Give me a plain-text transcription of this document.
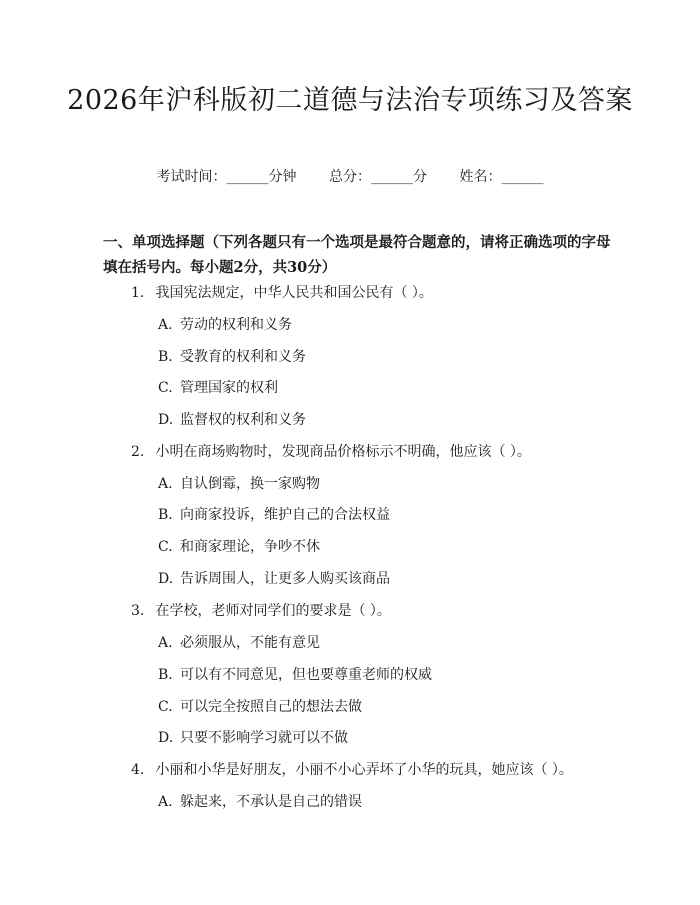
2026年沪科版初二道德与法治专项练习及答案
考试时间：______分钟 总分：______分 姓名：______
一、单项选择题（下列各题只有一个选项是最符合题意的，请将正确选项的字母填在括号内。每小题2分，共30分）
1. 我国宪法规定，中华人民共和国公民有（ ）。
A. 劳动的权利和义务
B. 受教育的权利和义务
C. 管理国家的权利
D. 监督权的权利和义务
2. 小明在商场购物时，发现商品价格标示不明确，他应该（ ）。
A. 自认倒霉，换一家购物
B. 向商家投诉，维护自己的合法权益
C. 和商家理论，争吵不休
D. 告诉周围人，让更多人购买该商品
3. 在学校，老师对同学们的要求是（ ）。
A. 必须服从，不能有意见
B. 可以有不同意见，但也要尊重老师的权威
C. 可以完全按照自己的想法去做
D. 只要不影响学习就可以不做
4. 小丽和小华是好朋友，小丽不小心弄坏了小华的玩具，她应该（ ）。
A. 躲起来，不承认是自己的错误
